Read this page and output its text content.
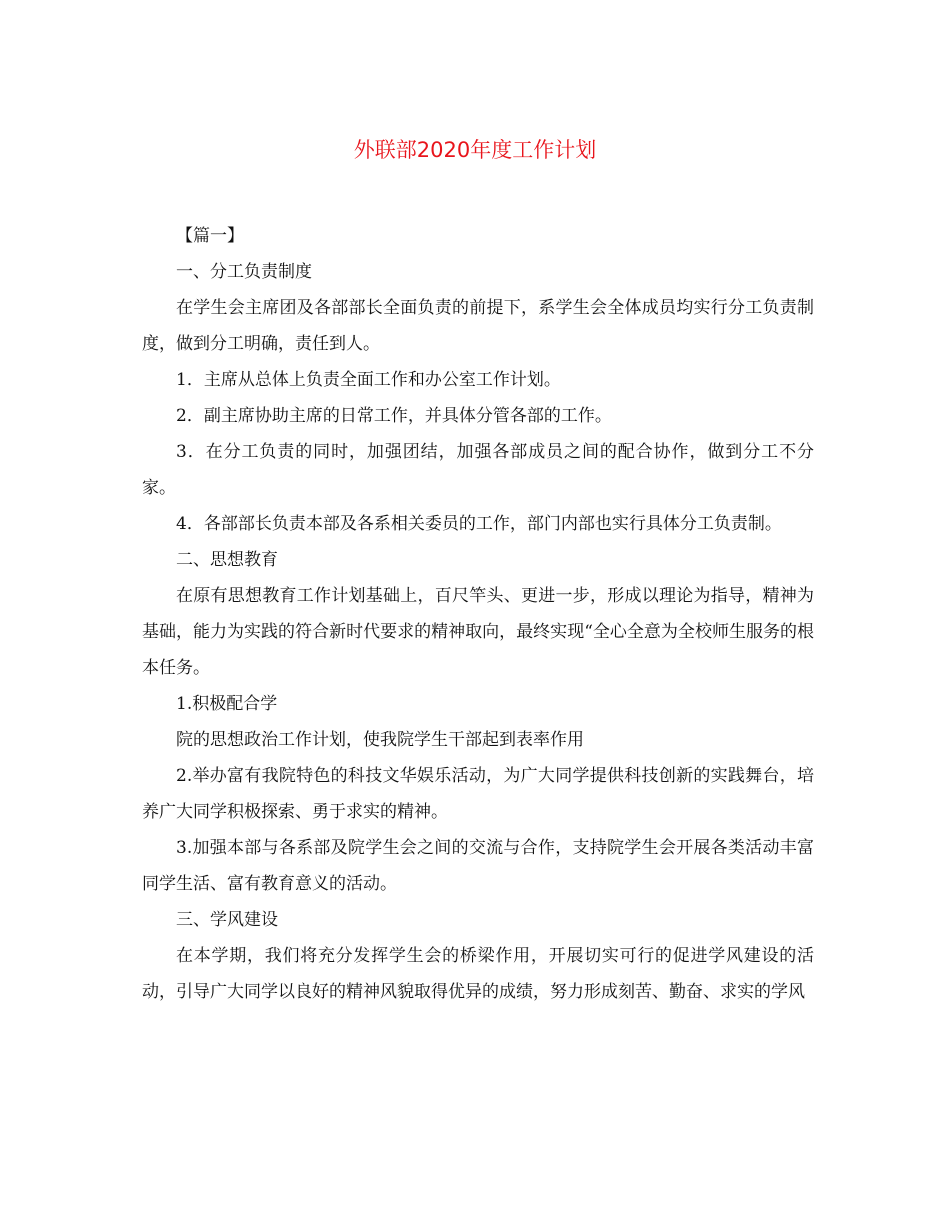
外联部2020年度工作计划

【篇一】

一、分工负责制度

在学生会主席团及各部部长全面负责的前提下，系学生会全体成员均实行分工负责制度，做到分工明确，责任到人。

1．主席从总体上负责全面工作和办公室工作计划。

2．副主席协助主席的日常工作，并具体分管各部的工作。

3．在分工负责的同时，加强团结，加强各部成员之间的配合协作，做到分工不分家。

4．各部部长负责本部及各系相关委员的工作，部门内部也实行具体分工负责制。

二、思想教育

在原有思想教育工作计划基础上，百尺竿头、更进一步，形成以理论为指导，精神为基础，能力为实践的符合新时代要求的精神取向，最终实现“全心全意为全校师生服务的根本任务。

1.积极配合学

院的思想政治工作计划，使我院学生干部起到表率作用

2.举办富有我院特色的科技文华娱乐活动，为广大同学提供科技创新的实践舞台，培养广大同学积极探索、勇于求实的精神。

3.加强本部与各系部及院学生会之间的交流与合作，支持院学生会开展各类活动丰富同学生活、富有教育意义的活动。

三、学风建设

在本学期，我们将充分发挥学生会的桥梁作用，开展切实可行的促进学风建设的活动，引导广大同学以良好的精神风貌取得优异的成绩，努力形成刻苦、勤奋、求实的学风
